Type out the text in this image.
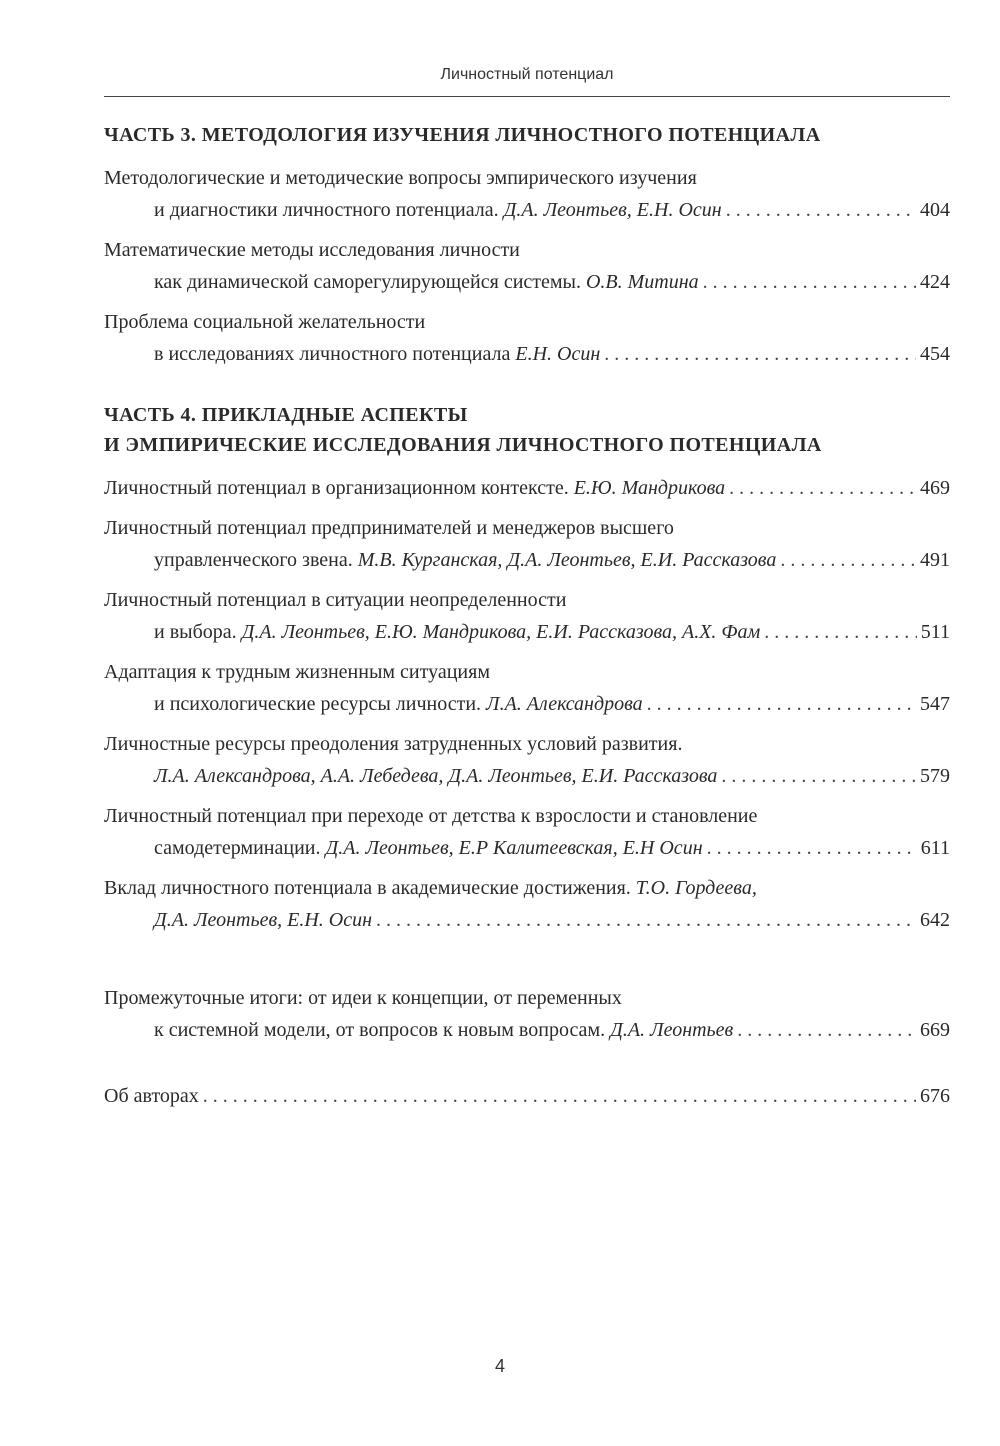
Личностный потенциал
ЧАСТЬ 3. МЕТОДОЛОГИЯ ИЗУЧЕНИЯ ЛИЧНОСТНОГО ПОТЕНЦИАЛА
Методологические и методические вопросы эмпирического изучения
и диагностики личностного потенциала.
Д.А. Леонтьев, Е.Н. Осин . . .	404
Математические методы исследования личности
как динамической саморегулирующейся системы.
О.В. Митина . . .	424
Проблема социальной желательности
в исследованиях личностного потенциала
Е.Н. Осин . . .	454
ЧАСТЬ 4. ПРИКЛАДНЫЕ АСПЕКТЫ
И ЭМПИРИЧЕСКИЕ ИССЛЕДОВАНИЯ ЛИЧНОСТНОГО ПОТЕНЦИАЛА
Личностный потенциал в организационном контексте.
Е.Ю. Мандрикова . . .	469
Личностный потенциал предпринимателей и менеджеров высшего
управленческого звена.
М.В. Курганская, Д.А. Леонтьев, Е.И. Рассказова . . .	491
Личностный потенциал в ситуации неопределенности
и выбора.
Д.А. Леонтьев, Е.Ю. Мандрикова, Е.И. Рассказова, А.Х. Фам . . .	511
Адаптация к трудным жизненным ситуациям
и психологические ресурсы личности.
Л.А. Александрова . . .	547
Личностные ресурсы преодоления затрудненных условий развития.
Л.А. Александрова, А.А. Лебедева, Д.А. Леонтьев, Е.И. Рассказова . . .	579
Личностный потенциал при переходе от детства к взрослости и становление
самодетерминации.
Д.А. Леонтьев, Е.Р Калитеевская, Е.Н Осин . . .	611
Вклад личностного потенциала в академические достижения. Т.О. Гордеева,
Д.А. Леонтьев, Е.Н. Осин . . .	642
Промежуточные итоги: от идеи к концепции, от переменных
к системной модели, от вопросов к новым вопросам.
Д.А. Леонтьев . . .	669
Об авторах . . .	676
4
